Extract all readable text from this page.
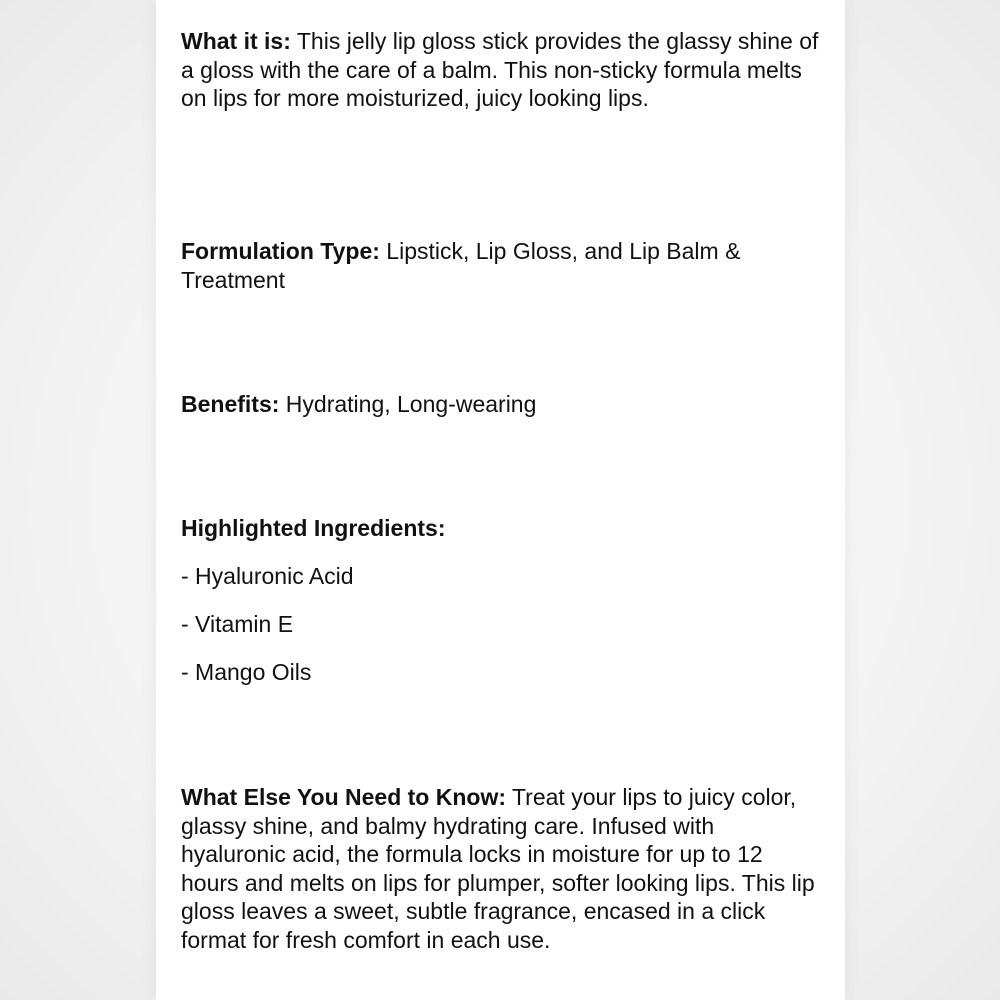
What it is: This jelly lip gloss stick provides the glassy shine of a gloss with the care of a balm. This non-sticky formula melts on lips for more moisturized, juicy looking lips.
Formulation Type: Lipstick, Lip Gloss, and Lip Balm & Treatment
Benefits: Hydrating, Long-wearing
Highlighted Ingredients:
- Hyaluronic Acid
- Vitamin E
- Mango Oils
What Else You Need to Know: Treat your lips to juicy color, glassy shine, and balmy hydrating care. Infused with hyaluronic acid, the formula locks in moisture for up to 12 hours and melts on lips for plumper, softer looking lips. This lip gloss leaves a sweet, subtle fragrance, encased in a click format for fresh comfort in each use.
